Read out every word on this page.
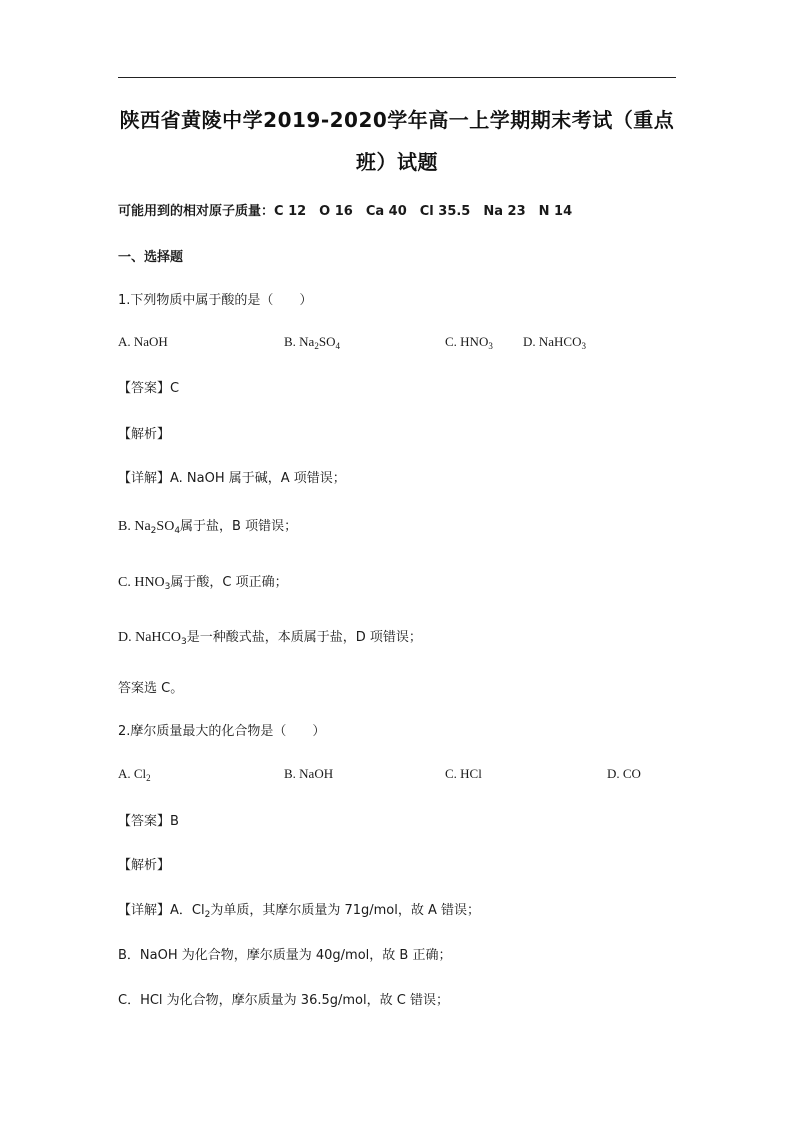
陕西省黄陵中学2019-2020学年高一上学期期末考试（重点
班）试题
可能用到的相对原子质量：C 12　O 16　Ca 40　Cl 35.5　Na 23　N 14
一、选择题
1.下列物质中属于酸的是（　　）
A. NaOH	B. $Na_2SO_4$	C. $HNO_3$ D. NaHCO$_3$
【答案】C
【解析】
【详解】A. NaOH 属于碱，A 项错误；
B. $Na_2SO_4$属于盐，B 项错误；
C. $HNO_3$属于酸，C 项正确；
D. NaHCO$_3$是一种酸式盐，本质属于盐，D 项错误；
答案选 C。
2.摩尔质量最大的化合物是（　　）
A. $Cl_2$	B. NaOH	C. HCl	D. CO
【答案】B
【解析】
【详解】A．$Cl_2$为单质，其摩尔质量为 71g/mol，故 A 错误；
B．NaOH 为化合物，摩尔质量为 40g/mol，故 B 正确；
C．HCl 为化合物，摩尔质量为 36.5g/mol，故 C 错误；
